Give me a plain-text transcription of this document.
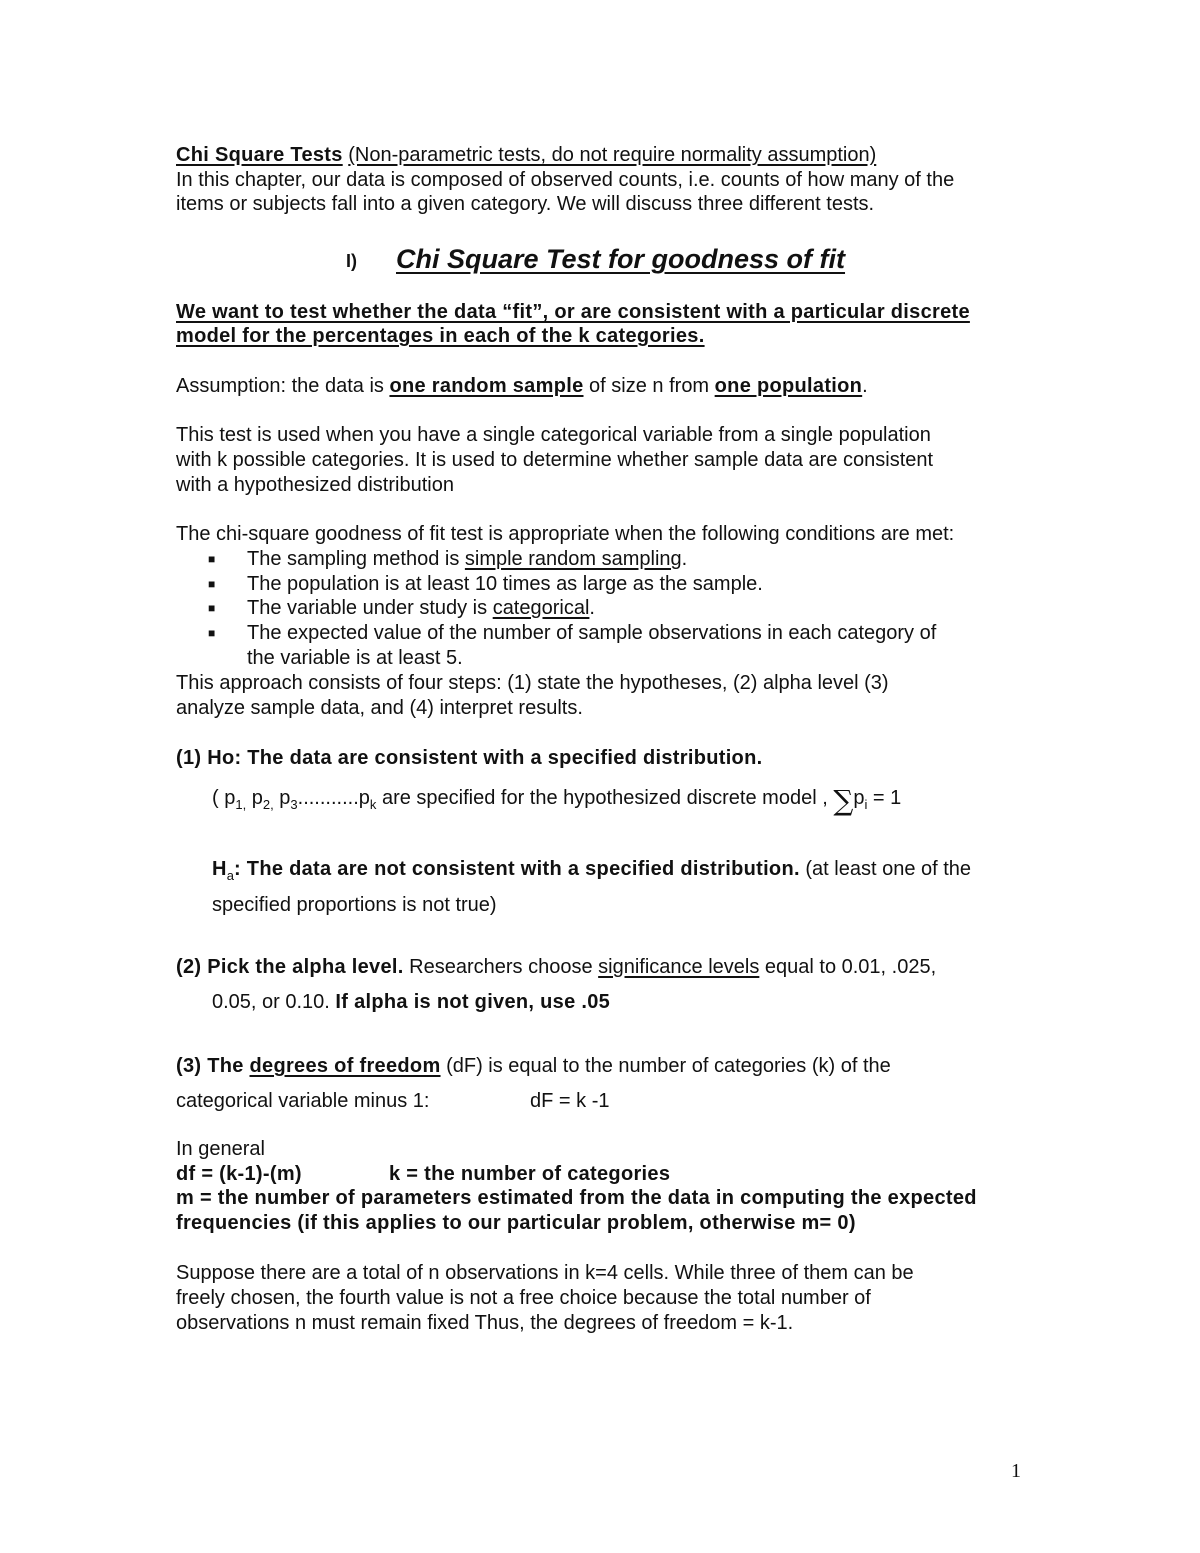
Chi Square Tests (Non-parametric tests, do not require normality assumption)
In this chapter, our data is composed of observed counts, i.e. counts of how many of the
items or subjects fall into a given category. We will discuss three different tests.
I) Chi Square Test for goodness of fit
We want to test whether the data “fit”, or are consistent with a particular discrete
model for the percentages in each of the k categories.
Assumption: the data is one random sample of size n from one population.
This test is used when you have a single categorical variable from a single population
with k possible categories. It is used to determine whether sample data are consistent
with a hypothesized distribution
The chi-square goodness of fit test is appropriate when the following conditions are met:
■ The sampling method is simple random sampling.
■ The population is at least 10 times as large as the sample.
■ The variable under study is categorical.
■ The expected value of the number of sample observations in each category of
the variable is at least 5.
This approach consists of four steps: (1) state the hypotheses, (2) alpha level (3)
analyze sample data, and (4) interpret results.
(1) Ho: The data are consistent with a specified distribution.
( $p_{1,}$ $p_{2,}$ $p_3...........p_k$ are specified for the hypothesized discrete model , $\sum p_i = 1$
$H_a$: The data are not consistent with a specified distribution. (at least one of the
specified proportions is not true)
(2) Pick the alpha level. Researchers choose significance levels equal to 0.01, .025,
0.05, or 0.10. If alpha is not given, use .05
(3) The degrees of freedom (dF) is equal to the number of categories (k) of the
categorical variable minus 1:	dF = k -1
In general
df = (k-1)-(m)	k = the number of categories
m = the number of parameters estimated from the data in computing the expected
frequencies (if this applies to our particular problem, otherwise m= 0)
Suppose there are a total of n observations in k=4 cells. While three of them can be
freely chosen, the fourth value is not a free choice because the total number of
observations n must remain fixed Thus, the degrees of freedom = k-1.
1
